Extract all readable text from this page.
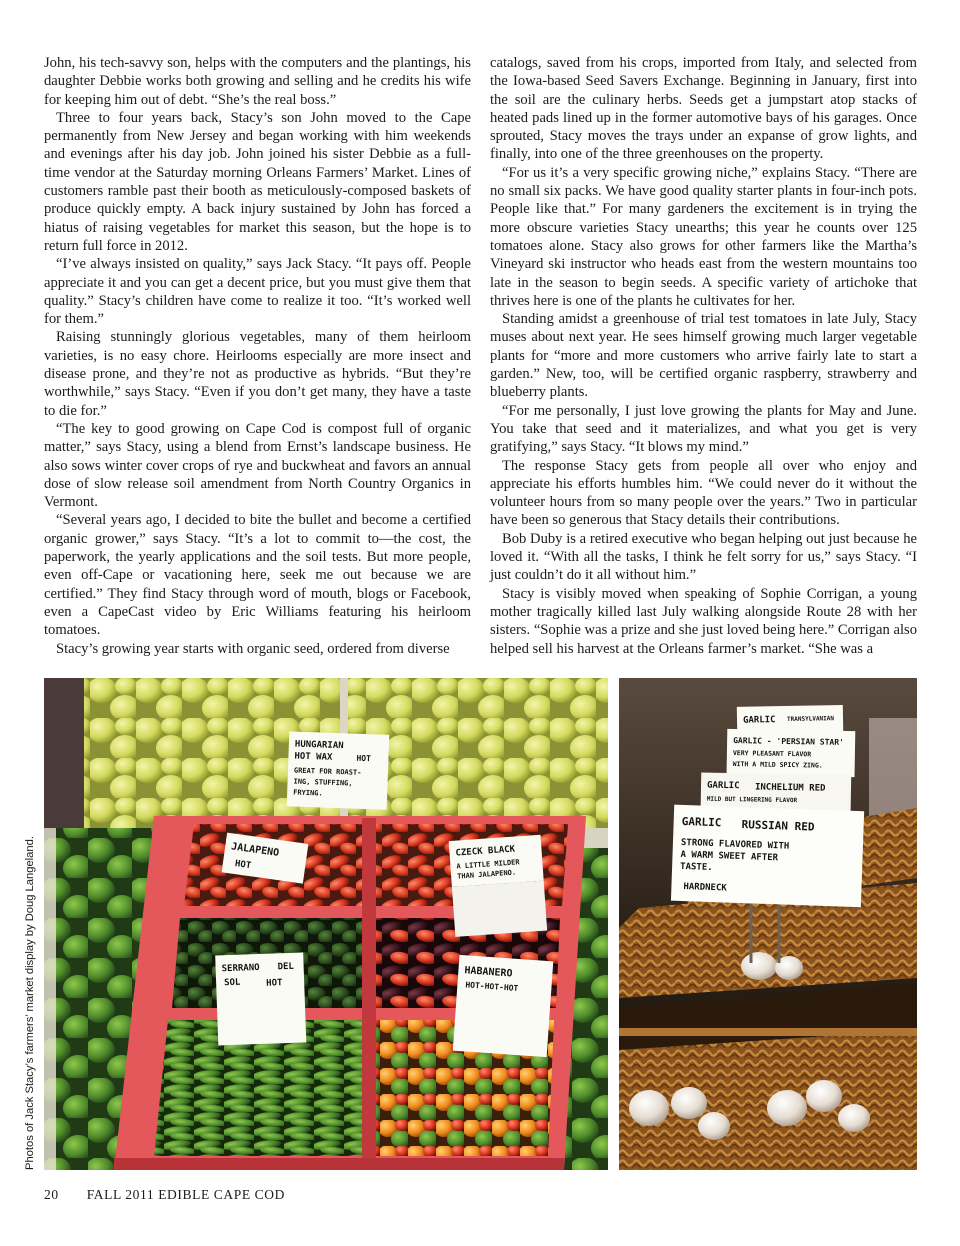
John, his tech-savvy son, helps with the computers and the plantings, his daughter Debbie works both growing and selling and he credits his wife for keeping him out of debt. “She’s the real boss.”

Three to four years back, Stacy’s son John moved to the Cape permanently from New Jersey and began working with him weekends and evenings after his day job. John joined his sister Debbie as a full-time vendor at the Saturday morning Orleans Farmers’ Market. Lines of customers ramble past their booth as meticulously-composed baskets of produce quickly empty. A back injury sustained by John has forced a hiatus of raising vegetables for market this season, but the hope is to return full force in 2012.

“I’ve always insisted on quality,” says Jack Stacy. “It pays off. People appreciate it and you can get a decent price, but you must give them that quality.” Stacy’s children have come to realize it too. “It’s worked well for them.”

Raising stunningly glorious vegetables, many of them heirloom varieties, is no easy chore. Heirlooms especially are more insect and disease prone, and they’re not as productive as hybrids. “But they’re worthwhile,” says Stacy. “Even if you don’t get many, they have a taste to die for.”

“The key to good growing on Cape Cod is compost full of organic matter,” says Stacy, using a blend from Ernst’s landscape business. He also sows winter cover crops of rye and buckwheat and favors an annual dose of slow release soil amendment from North Country Organics in Vermont.

“Several years ago, I decided to bite the bullet and become a certified organic grower,” says Stacy. “It’s a lot to commit to—the cost, the paperwork, the yearly applications and the soil tests. But more people, even off-Cape or vacationing here, seek me out because we are certified.” They find Stacy through word of mouth, blogs or Facebook, even a CapeCast video by Eric Williams featuring his heirloom tomatoes.

Stacy’s growing year starts with organic seed, ordered from diverse

catalogs, saved from his crops, imported from Italy, and selected from the Iowa-based Seed Savers Exchange. Beginning in January, first into the soil are the culinary herbs. Seeds get a jumpstart atop stacks of heated pads lined up in the former automotive bays of his garages. Once sprouted, Stacy moves the trays under an expanse of grow lights, and finally, into one of the three greenhouses on the property.

“For us it’s a very specific growing niche,” explains Stacy. “There are no small six packs. We have good quality starter plants in four-inch pots. People like that.” For many gardeners the excitement is in trying the more obscure varieties Stacy unearths; this year he counts over 125 tomatoes alone. Stacy also grows for other farmers like the Martha’s Vineyard ski instructor who heads east from the western mountains too late in the season to begin seeds. A specific variety of artichoke that thrives here is one of the plants he cultivates for her.

Standing amidst a greenhouse of trial test tomatoes in late July, Stacy muses about next year. He sees himself growing much larger vegetable plants for “more and more customers who arrive fairly late to start a garden.” New, too, will be certified organic raspberry, strawberry and blueberry plants.

“For me personally, I just love growing the plants for May and June. You take that seed and it materializes, and what you get is very gratifying,” says Stacy. “It blows my mind.”

The response Stacy gets from people all over who enjoy and appreciate his efforts humbles him. “We could never do it without the volunteer hours from so many people over the years.” Two in particular have been so generous that Stacy details their contributions.

Bob Duby is a retired executive who began helping out just because he loved it. “With all the tasks, I think he felt sorry for us,” says Stacy. “I just couldn’t do it all without him.”

Stacy is visibly moved when speaking of Sophie Corrigan, a young mother tragically killed last July walking alongside Route 28 with her sisters. “Sophie was a prize and she just loved being here.” Corrigan also helped sell his harvest at the Orleans farmer’s market. “She was a

HUNGARIAN
HOT WAX	HOT
GREAT FOR ROAST-
ING, STUFFING,
FRYING.
JALAPENO
HOT
CZECK BLACK
A LITTLE MILDER
THAN JALAPENO.
SERRANO DEL
SOL	HOT
HABANERO
HOT-HOT-HOT
GARLIC TRANSYLVANIAN
GARLIC - 'PERSIAN STAR'
VERY PLEASANT FLAVOR
WITH A MILD SPICY ZING.
GARLIC INCHELIUM RED
MILD BUT LINGERING FLAVOR
GARLIC RUSSIAN RED
STRONG FLAVORED WITH
A WARM SWEET AFTER
TASTE.
HARDNECK
Photos of Jack Stacy’s farmers’ market display by Doug Langeland.
20 FALL 2011 EDIBLE CAPE COD
